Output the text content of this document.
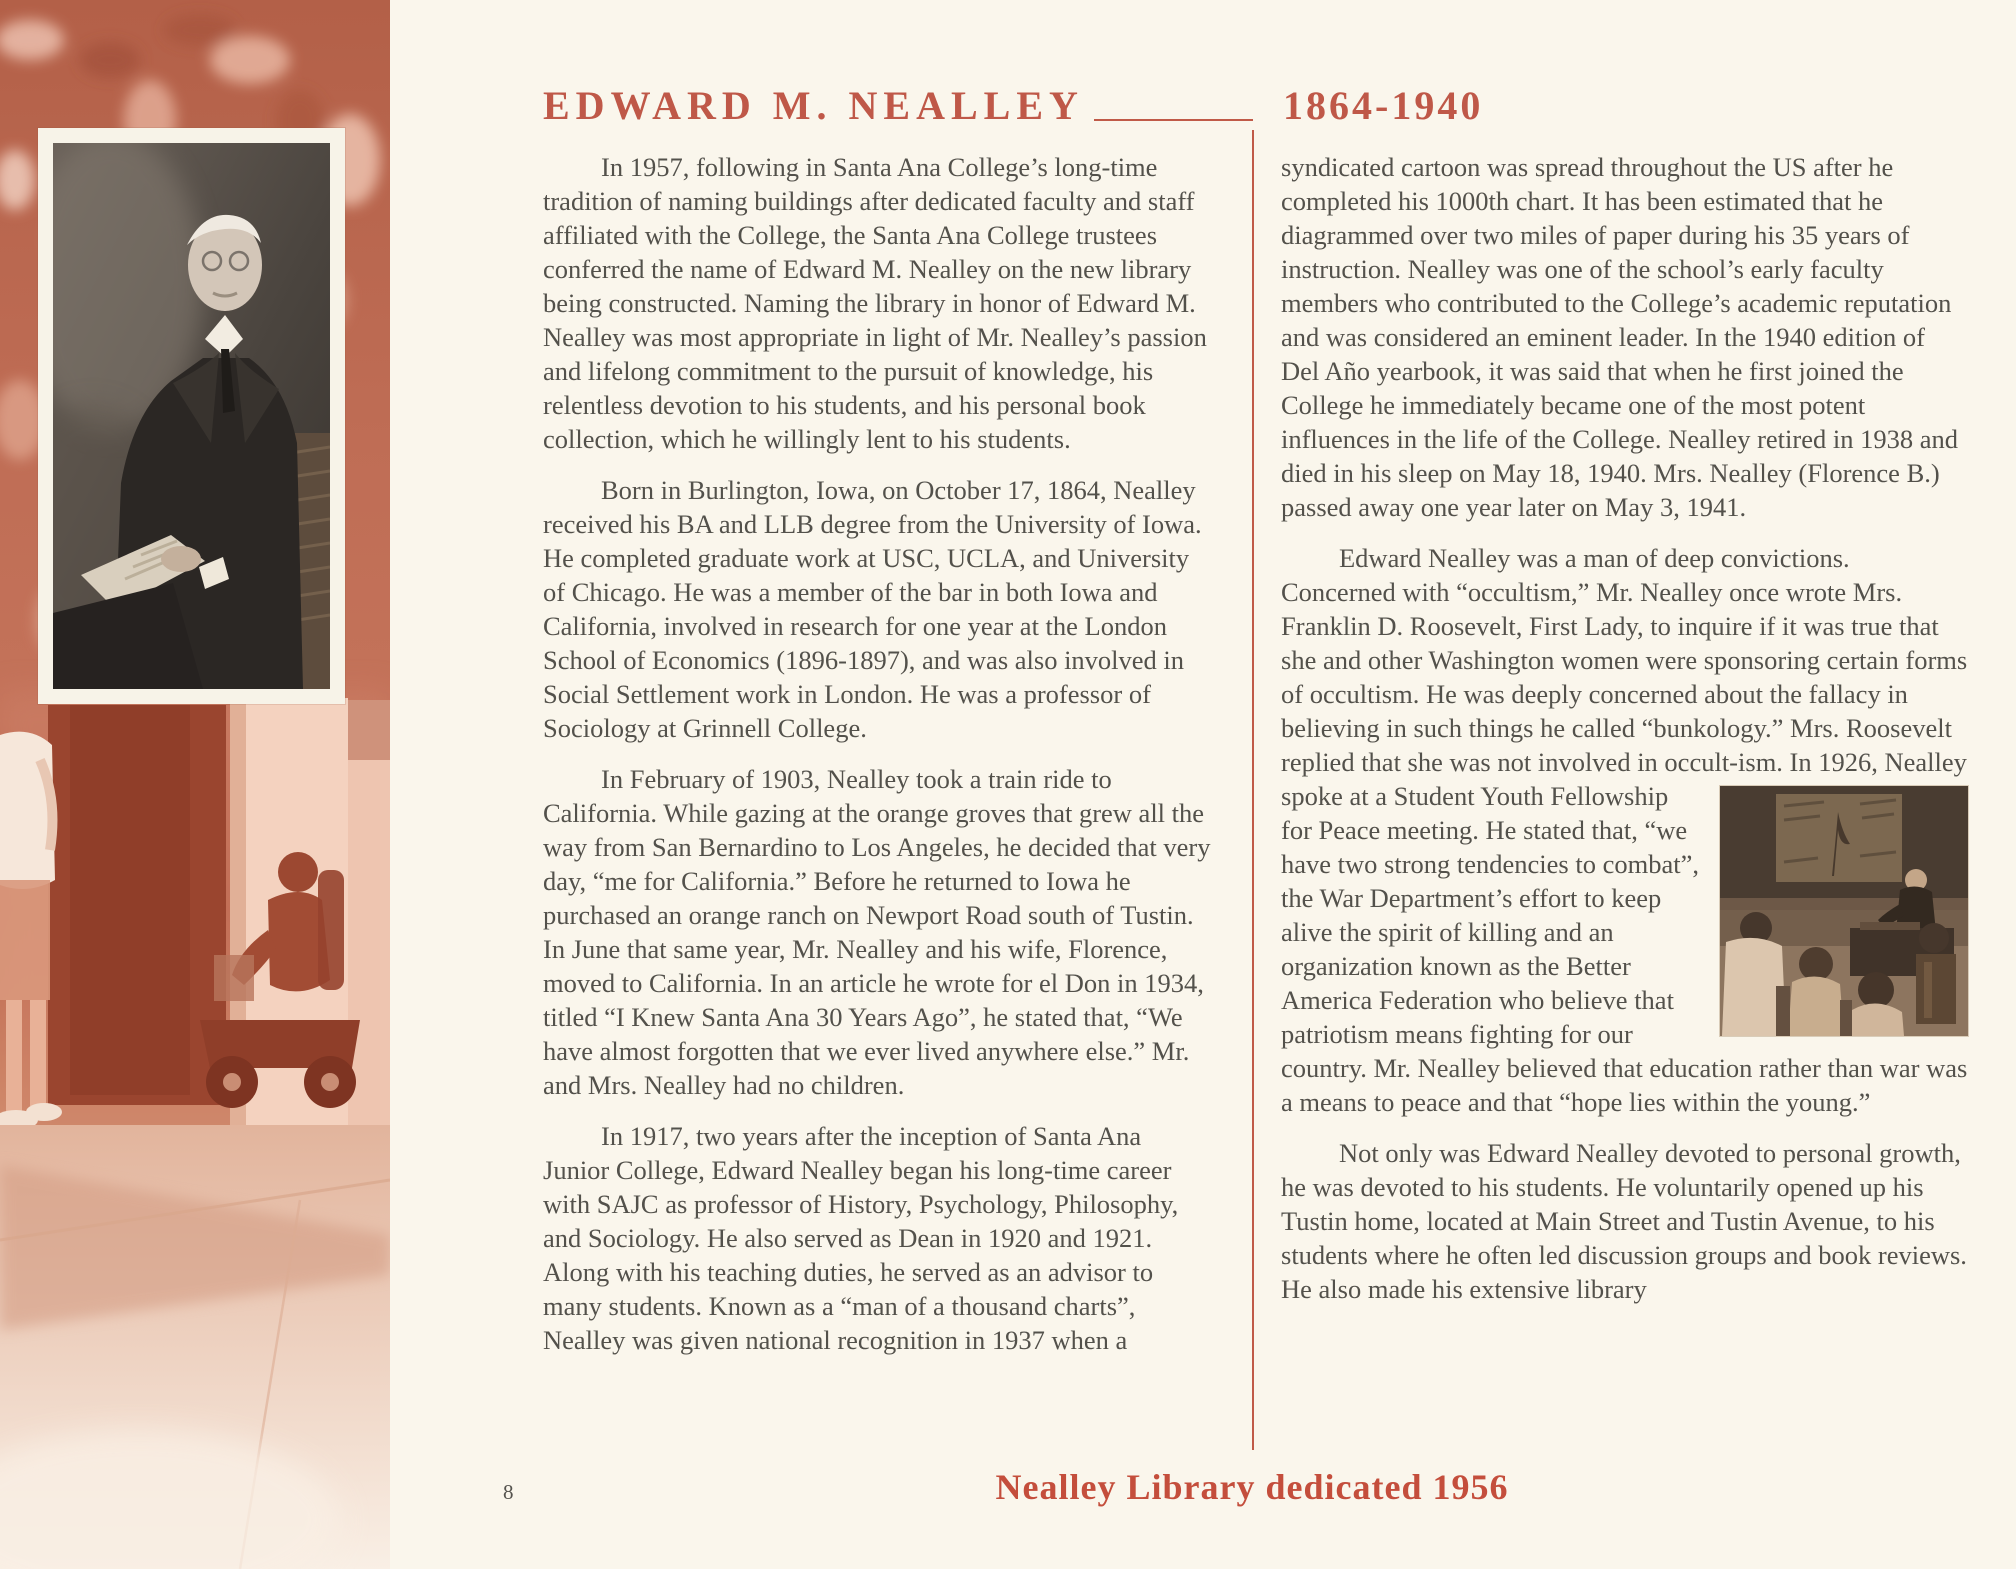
EDWARD M. NEALLEY	1864-1940

In 1957, following in Santa Ana College’s long-time tradition of naming buildings after dedicated faculty and staff affiliated with the College, the Santa Ana College trustees conferred the name of Edward M. Nealley on the new library being constructed. Naming the library in honor of Edward M. Nealley was most appropriate in light of Mr. Nealley’s passion and lifelong commitment to the pursuit of knowledge, his relentless devotion to his students, and his personal book collection, which he willingly lent to his students.

Born in Burlington, Iowa, on October 17, 1864, Nealley received his BA and LLB degree from the University of Iowa. He completed graduate work at USC, UCLA, and University of Chicago. He was a member of the bar in both Iowa and California, involved in research for one year at the London School of Economics (1896-1897), and was also involved in Social Settlement work in London. He was a professor of Sociology at Grinnell College.

In February of 1903, Nealley took a train ride to California. While gazing at the orange groves that grew all the way from San Bernardino to Los Angeles, he decided that very day, “me for California.” Before he returned to Iowa he purchased an orange ranch on Newport Road south of Tustin. In June that same year, Mr. Nealley and his wife, Florence, moved to California. In an article he wrote for el Don in 1934, titled “I Knew Santa Ana 30 Years Ago”, he stated that, “We have almost forgotten that we ever lived anywhere else.” Mr. and Mrs. Nealley had no children.

In 1917, two years after the inception of Santa Ana Junior College, Edward Nealley began his long-time career with SAJC as professor of History, Psychology, Philosophy, and Sociology. He also served as Dean in 1920 and 1921. Along with his teaching duties, he served as an advisor to many students. Known as a “man of a thousand charts”, Nealley was given national recognition in 1937 when a

syndicated cartoon was spread throughout the US after he completed his 1000th chart. It has been estimated that he diagrammed over two miles of paper during his 35 years of instruction. Nealley was one of the school’s early faculty members who contributed to the College’s academic reputation and was considered an eminent leader. In the 1940 edition of Del Año yearbook, it was said that when he first joined the College he immediately became one of the most potent influences in the life of the College. Nealley retired in 1938 and died in his sleep on May 18, 1940. Mrs. Nealley (Florence B.) passed away one year later on May 3, 1941.

Edward Nealley was a man of deep convictions. Concerned with “occultism,” Mr. Nealley once wrote Mrs. Franklin D. Roosevelt, First Lady, to inquire if it was true that she and other Washington women were sponsoring certain forms of occultism. He was deeply concerned about the fallacy in believing in such things he called “bunkology.” Mrs. Roosevelt replied that she was not involved in occult-
ism. In 1926, Nealley spoke at a Student Youth Fellowship for Peace meeting. He stated that, “we have two strong tendencies to combat”, the War Department’s effort to keep alive the spirit of killing and an organization known as the Better America Federation who believe that patriotism means fighting for our country. Mr. Nealley believed that education rather than war was a means to peace and that “hope lies within the young.”

Not only was Edward Nealley devoted to personal growth, he was devoted to his students. He voluntarily opened up his Tustin home, located at Main Street and Tustin Avenue, to his students where he often led discussion groups and book reviews. He also made his extensive library

Nealley Library dedicated 1956
8
